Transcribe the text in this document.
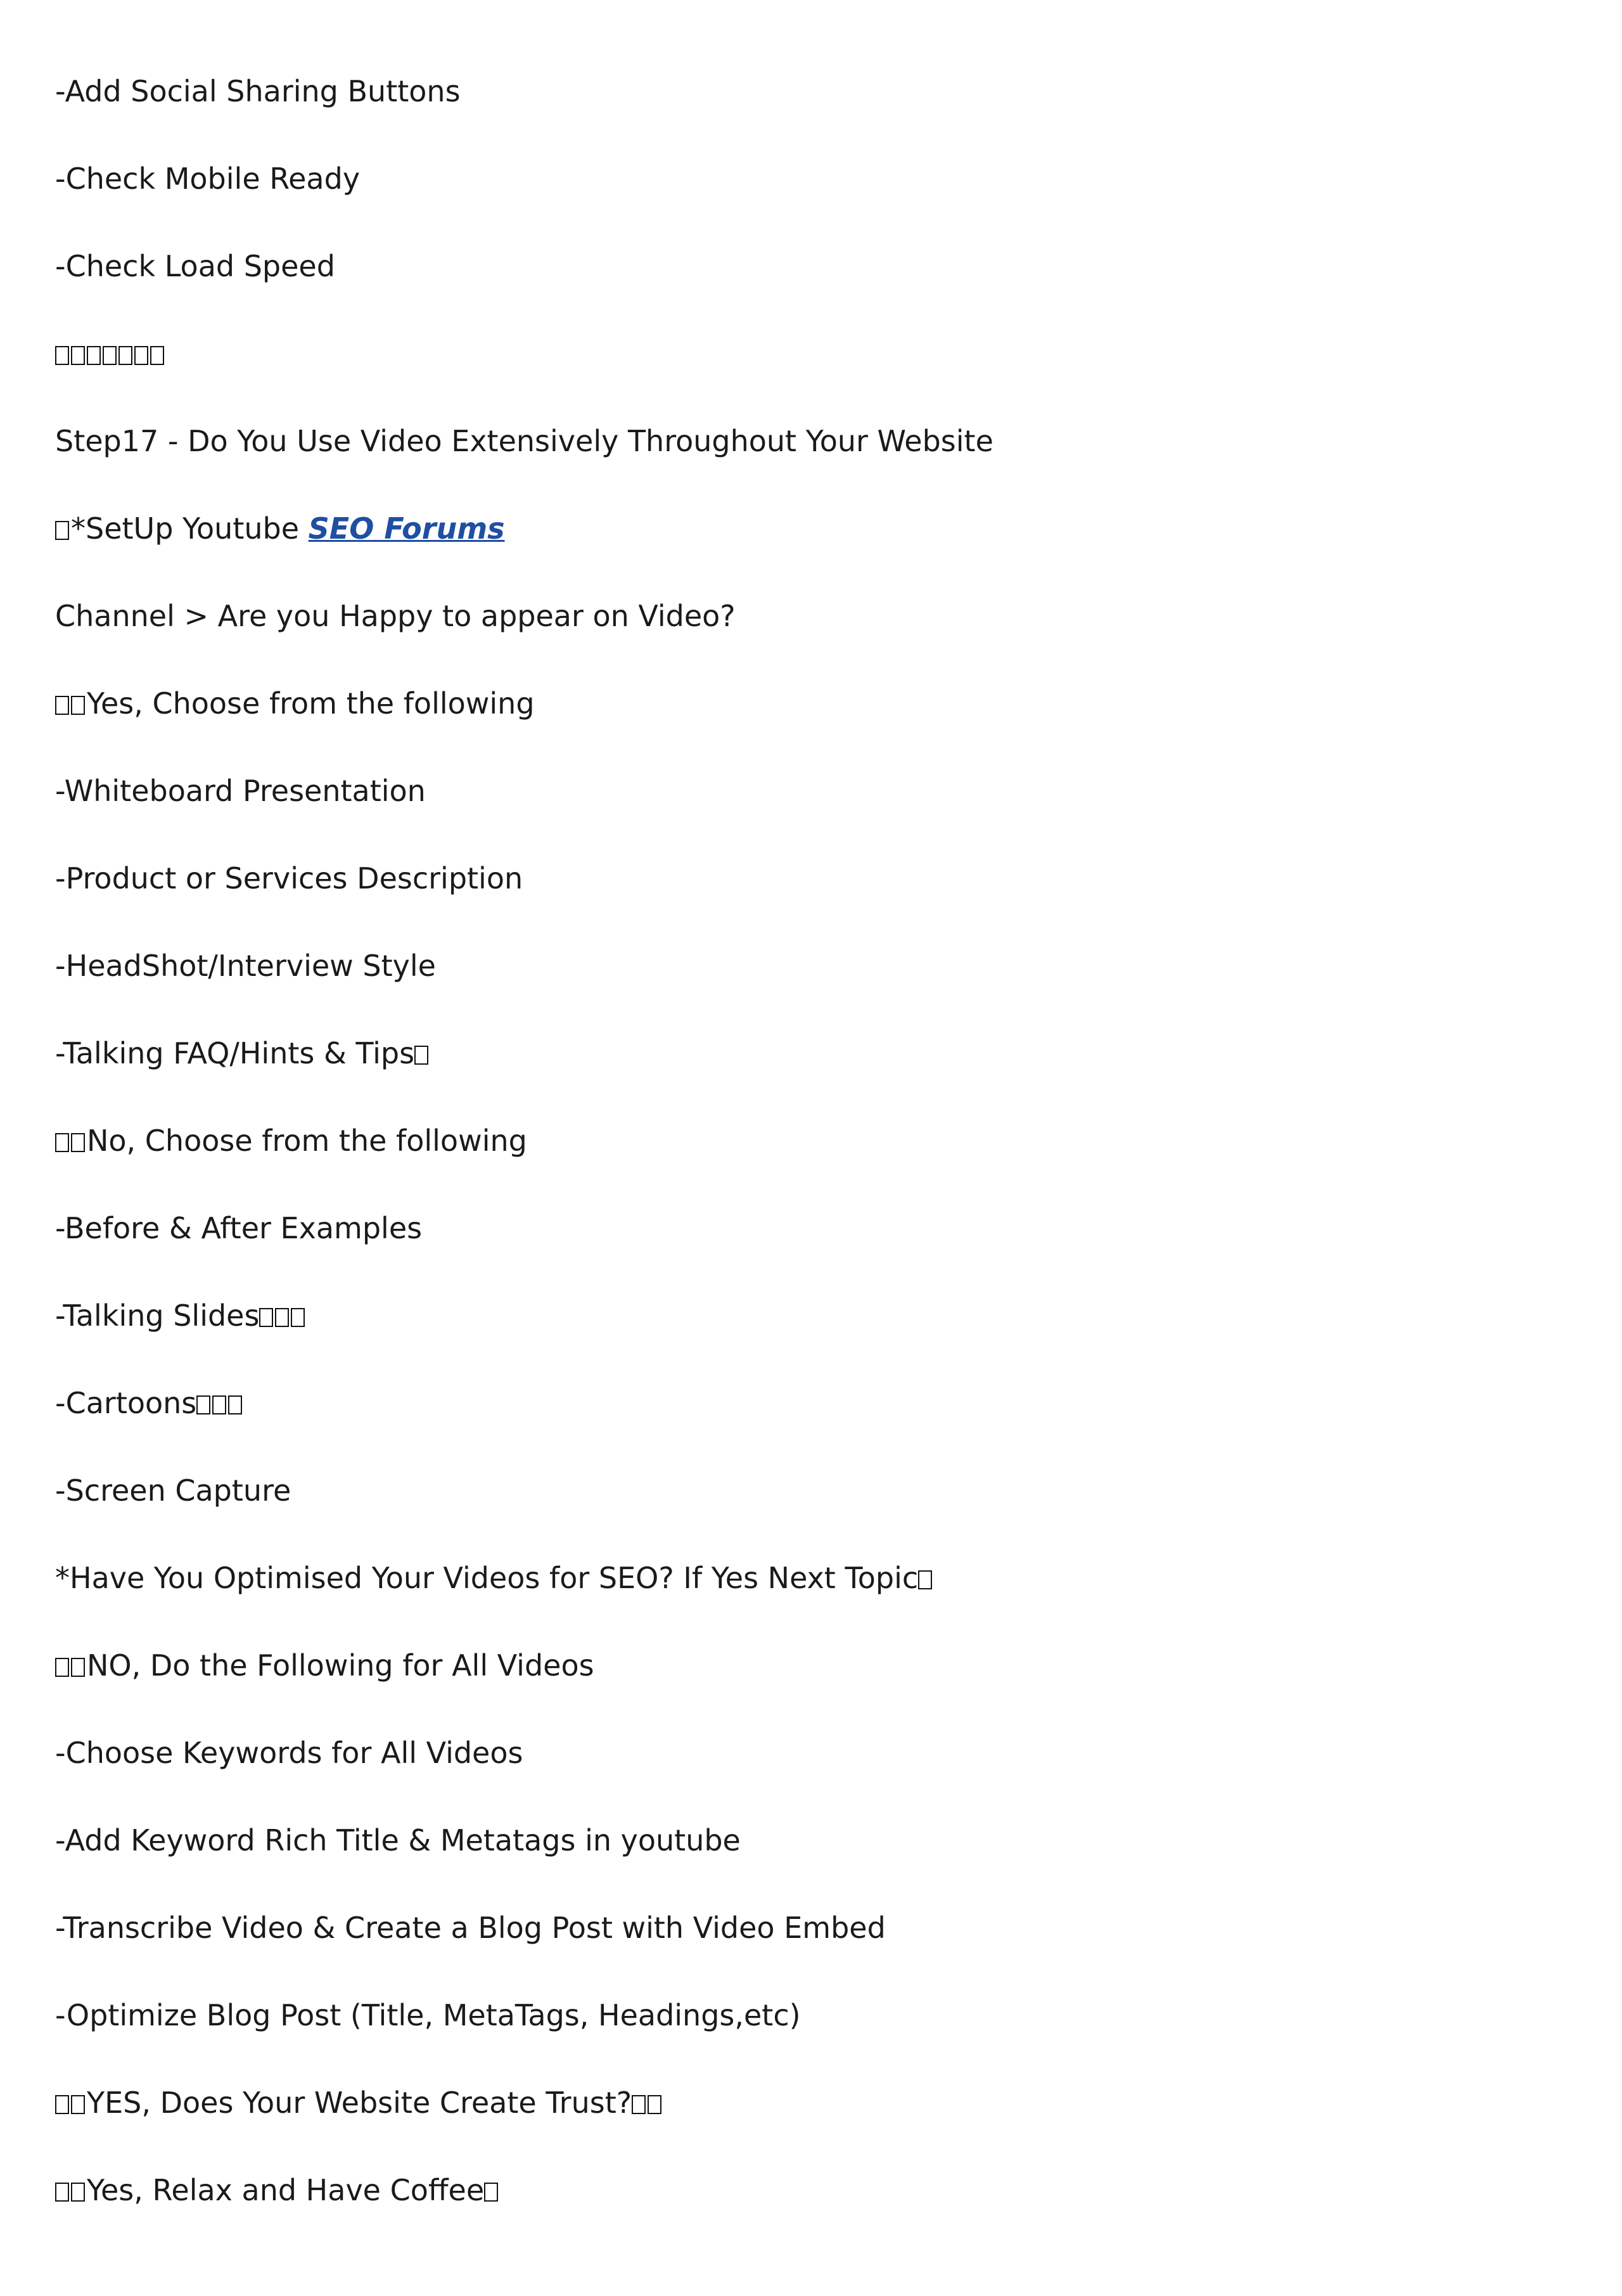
-Add Social Sharing Buttons

-Check Mobile Ready

-Check Load Speed

Step17 - Do You Use Video Extensively Throughout Your Website

*SetUp Youtube SEO Forums

Channel > Are you Happy to appear on Video?

Yes, Choose from the following

-Whiteboard Presentation

-Product or Services Description

-HeadShot/Interview Style

-Talking FAQ/Hints & Tips

No, Choose from the following

-Before & After Examples

-Talking Slides

-Cartoons

-Screen Capture

*Have You Optimised Your Videos for SEO? If Yes Next Topic

NO, Do the Following for All Videos

-Choose Keywords for All Videos

-Add Keyword Rich Title & Metatags in youtube

-Transcribe Video & Create a Blog Post with Video Embed

-Optimize Blog Post (Title, MetaTags, Headings,etc)

YES, Does Your Website Create Trust?

Yes, Relax and Have Coffee
